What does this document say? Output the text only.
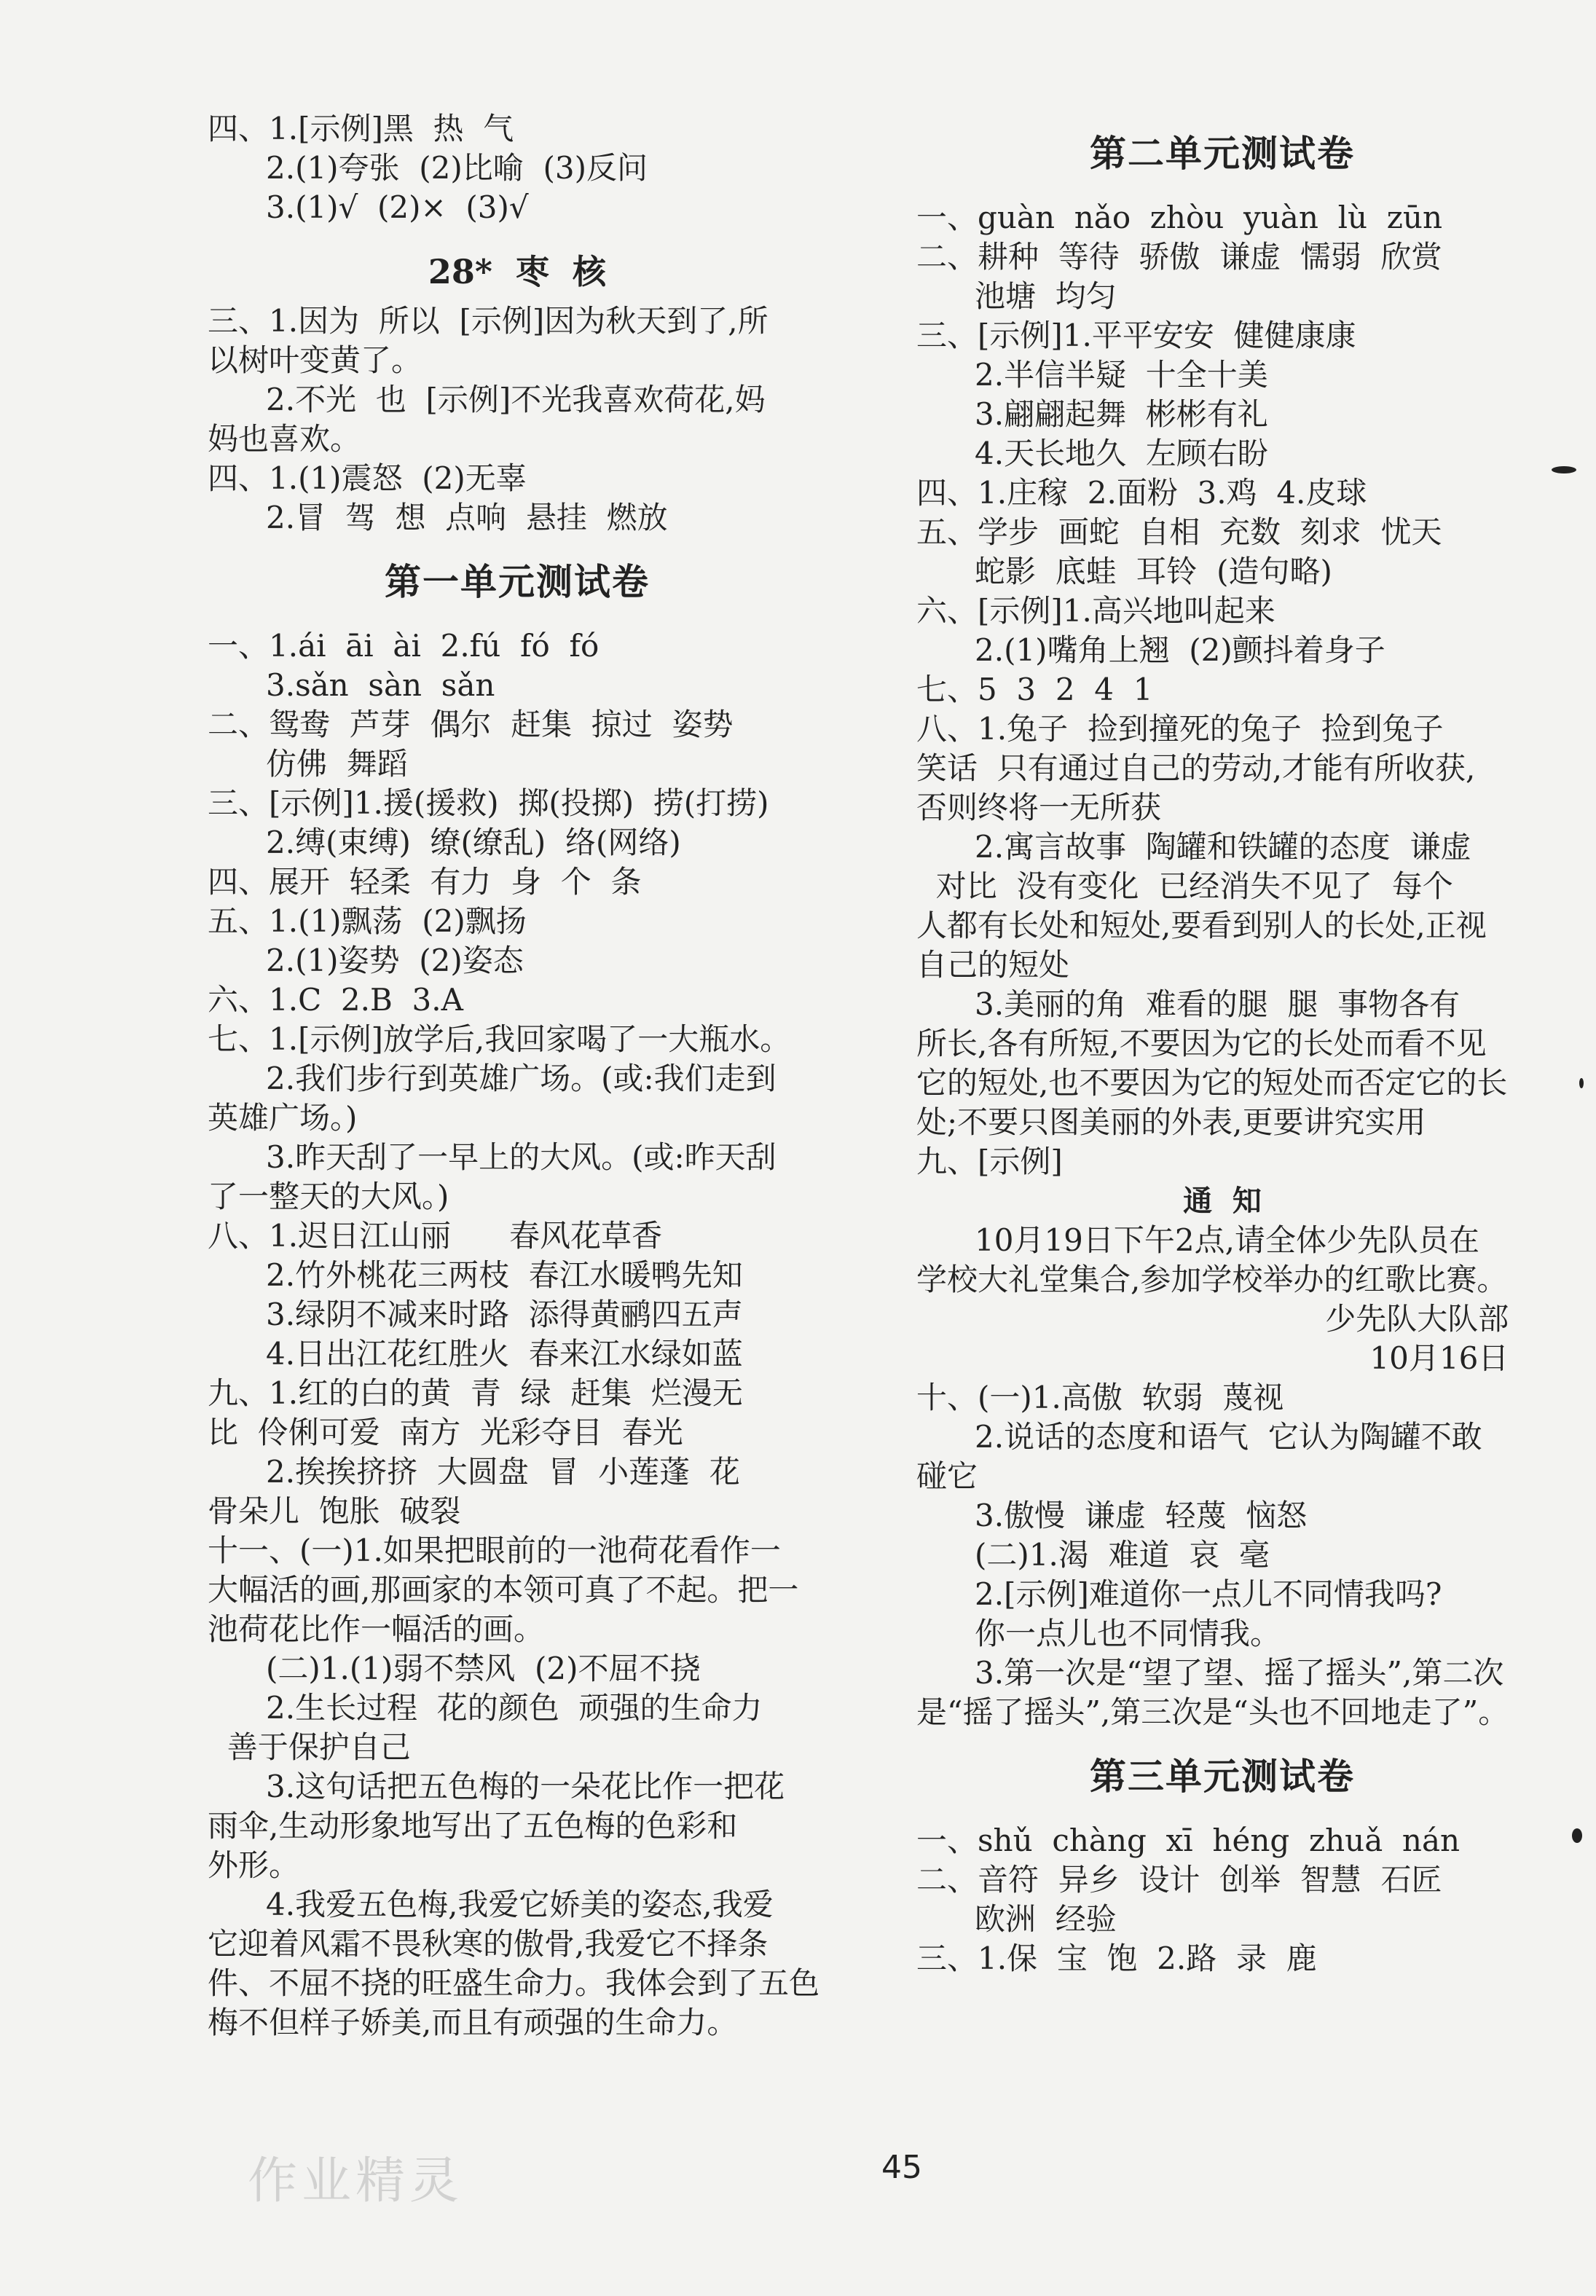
四、1.[示例]黑  热  气
2.(1)夸张  (2)比喻  (3)反问
3.(1)√  (2)×  (3)√
28*  枣  核
三、1.因为  所以  [示例]因为秋天到了,所
以树叶变黄了。
2.不光  也  [示例]不光我喜欢荷花,妈
妈也喜欢。
四、1.(1)震怒  (2)无辜
2.冒  驾  想  点响  悬挂  燃放
第一单元测试卷
一、1.ái  āi  ài  2.fú  fó  fó
3.sǎn  sàn  sǎn
二、鸳鸯  芦芽  偶尔  赶集  掠过  姿势
仿佛  舞蹈
三、[示例]1.援(援救)  掷(投掷)  捞(打捞)
2.缚(束缚)  缭(缭乱)  络(网络)
四、展开  轻柔  有力  身  个  条
五、1.(1)飘荡  (2)飘扬
2.(1)姿势  (2)姿态
六、1.C  2.B  3.A
七、1.[示例]放学后,我回家喝了一大瓶水。
2.我们步行到英雄广场。(或:我们走到
英雄广场。)
3.昨天刮了一早上的大风。(或:昨天刮
了一整天的大风。)
八、1.迟日江山丽      春风花草香
2.竹外桃花三两枝  春江水暖鸭先知
3.绿阴不减来时路  添得黄鹂四五声
4.日出江花红胜火  春来江水绿如蓝
九、1.红的白的黄  青  绿  赶集  烂漫无
比  伶俐可爱  南方  光彩夺目  春光
2.挨挨挤挤  大圆盘  冒  小莲蓬  花
骨朵儿  饱胀  破裂
十一、(一)1.如果把眼前的一池荷花看作一
大幅活的画,那画家的本领可真了不起。把一
池荷花比作一幅活的画。
(二)1.(1)弱不禁风  (2)不屈不挠
2.生长过程  花的颜色  顽强的生命力
善于保护自己
3.这句话把五色梅的一朵花比作一把花
雨伞,生动形象地写出了五色梅的色彩和
外形。
4.我爱五色梅,我爱它娇美的姿态,我爱
它迎着风霜不畏秋寒的傲骨,我爱它不择条
件、不屈不挠的旺盛生命力。我体会到了五色
梅不但样子娇美,而且有顽强的生命力。
第二单元测试卷
一、guàn  nǎo  zhòu  yuàn  lù  zūn
二、耕种  等待  骄傲  谦虚  懦弱  欣赏
池塘  均匀
三、[示例]1.平平安安  健健康康
2.半信半疑  十全十美
3.翩翩起舞  彬彬有礼
4.天长地久  左顾右盼
四、1.庄稼  2.面粉  3.鸡  4.皮球
五、学步  画蛇  自相  充数  刻求  忧天
蛇影  底蛙  耳铃  (造句略)
六、[示例]1.高兴地叫起来
2.(1)嘴角上翘  (2)颤抖着身子
七、5  3  2  4  1
八、1.兔子  捡到撞死的兔子  捡到兔子
笑话  只有通过自己的劳动,才能有所收获,
否则终将一无所获
2.寓言故事  陶罐和铁罐的态度  谦虚
对比  没有变化  已经消失不见了  每个
人都有长处和短处,要看到别人的长处,正视
自己的短处
3.美丽的角  难看的腿  腿  事物各有
所长,各有所短,不要因为它的长处而看不见
它的短处,也不要因为它的短处而否定它的长
处;不要只图美丽的外表,更要讲究实用
九、[示例]
通  知
10月19日下午2点,请全体少先队员在
学校大礼堂集合,参加学校举办的红歌比赛。
少先队大队部
10月16日
十、(一)1.高傲  软弱  蔑视
2.说话的态度和语气  它认为陶罐不敢
碰它
3.傲慢  谦虚  轻蔑  恼怒
(二)1.渴  难道  哀  毫
2.[示例]难道你一点儿不同情我吗?
你一点儿也不同情我。
3.第一次是“望了望、摇了摇头”,第二次
是“摇了摇头”,第三次是“头也不回地走了”。
第三单元测试卷
一、shǔ  chàng  xī  héng  zhuǎ  nán
二、音符  异乡  设计  创举  智慧  石匠
欧洲  经验
三、1.保  宝  饱  2.路  录  鹿
作业精灵	45
